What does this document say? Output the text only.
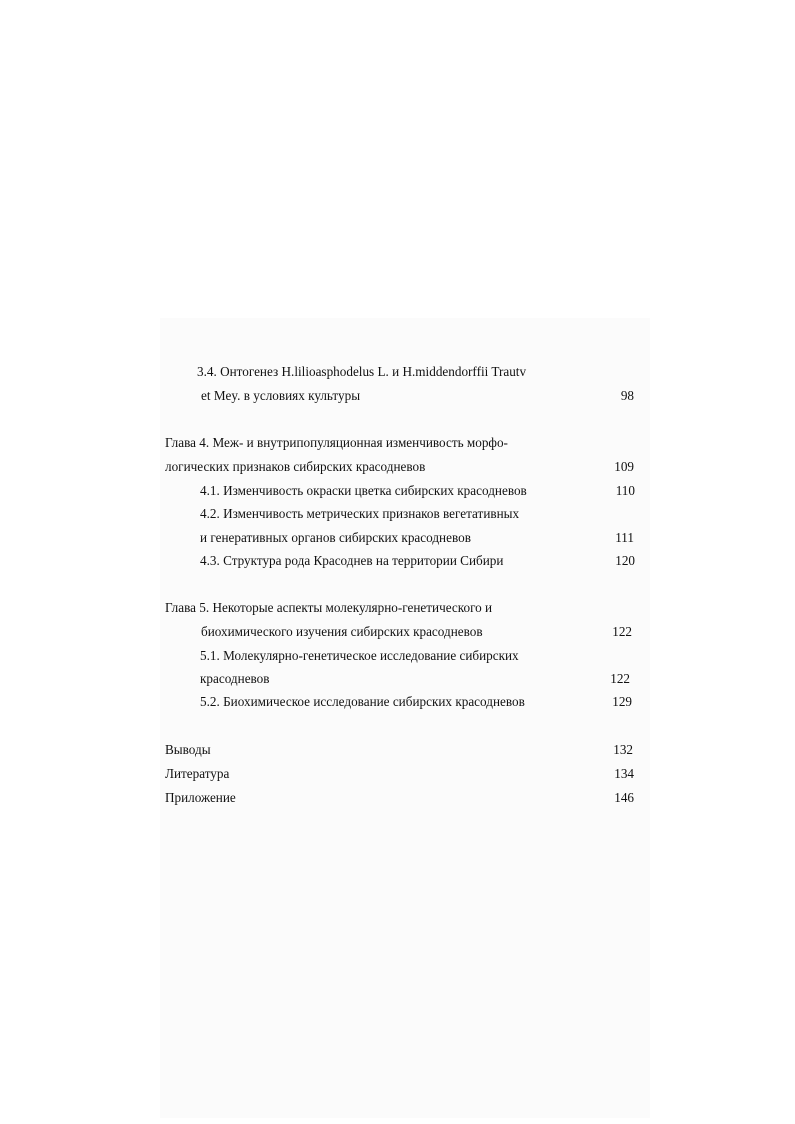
3.4. Онтогенез H.lilioasphodelus L. и H.middendorffii Trautv
et Mey. в условиях культуры	98
Глава 4. Меж- и внутрипопуляционная изменчивость морфо-
логических признаков сибирских красодневов	109
4.1. Изменчивость окраски цветка сибирских красодневов	110
4.2. Изменчивость метрических признаков вегетативных
и генеративных органов сибирских красодневов	111
4.3. Структура рода Красоднев на территории Сибири	120
Глава 5. Некоторые аспекты молекулярно-генетического и
биохимического изучения сибирских красодневов	122
5.1. Молекулярно-генетическое исследование сибирских
красодневов	122
5.2. Биохимическое исследование сибирских красодневов	129
Выводы	132
Литература	134
Приложение	146
